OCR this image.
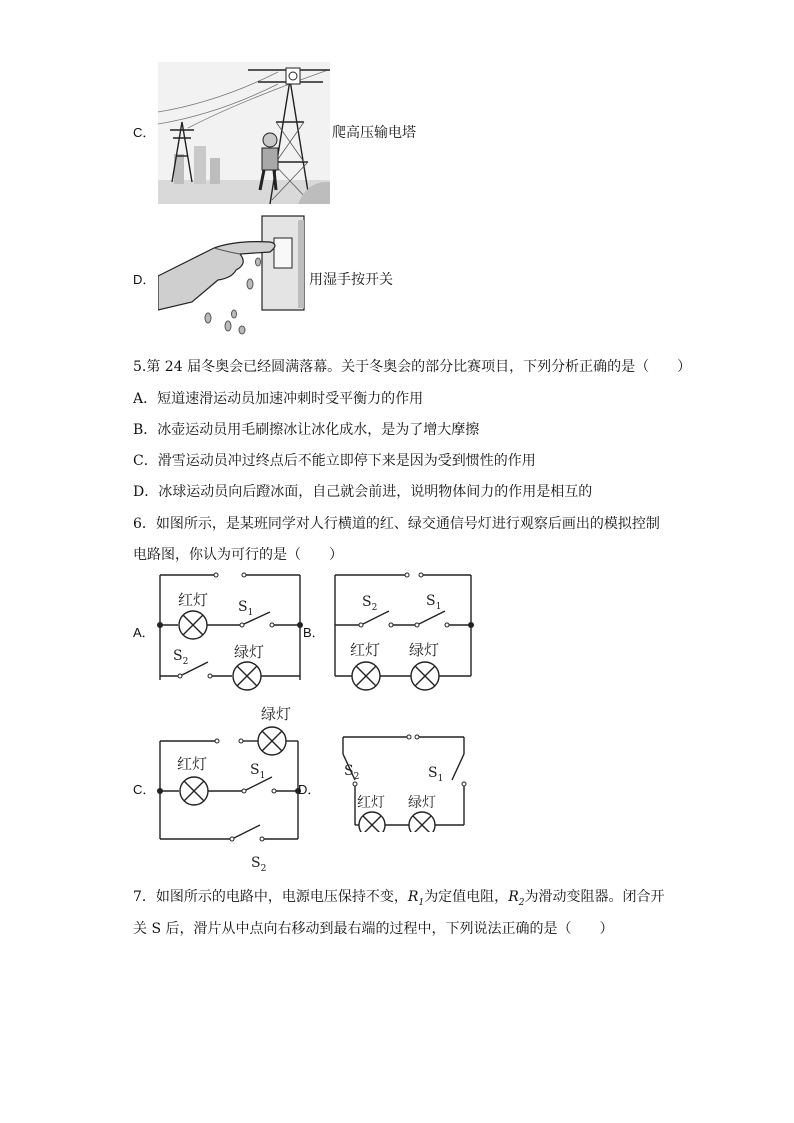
C．	爬高压输电塔
D．	用湿手按开关
5.第 24 届冬奥会已经圆满落幕。关于冬奥会的部分比赛项目，下列分析正确的是（　　）
A．短道速滑运动员加速冲刺时受平衡力的作用
B．冰壶运动员用毛刷擦冰让冰化成水，是为了增大摩擦
C．滑雪运动员冲过终点后不能立即停下来是因为受到惯性的作用
D．冰球运动员向后蹬冰面，自己就会前进，说明物体间力的作用是相互的
6．如图所示，是某班同学对人行横道的红、绿交通信号灯进行观察后画出的模拟控制
电路图，你认为可行的是（　　）
A．
红灯
绿灯
$S_1$
$S_2$
B．
$S_2$	$S_1$
红灯 绿灯
C．
绿灯
红灯	$S_1$
$S_2$
D．
$S_2$	$S_1$
红灯 绿灯
7．如图所示的电路中，电源电压保持不变，$R_1$为定值电阻，$R_2$为滑动变阻器。闭合开
关 S 后，滑片从中点向右移动到最右端的过程中，下列说法正确的是（　　）
